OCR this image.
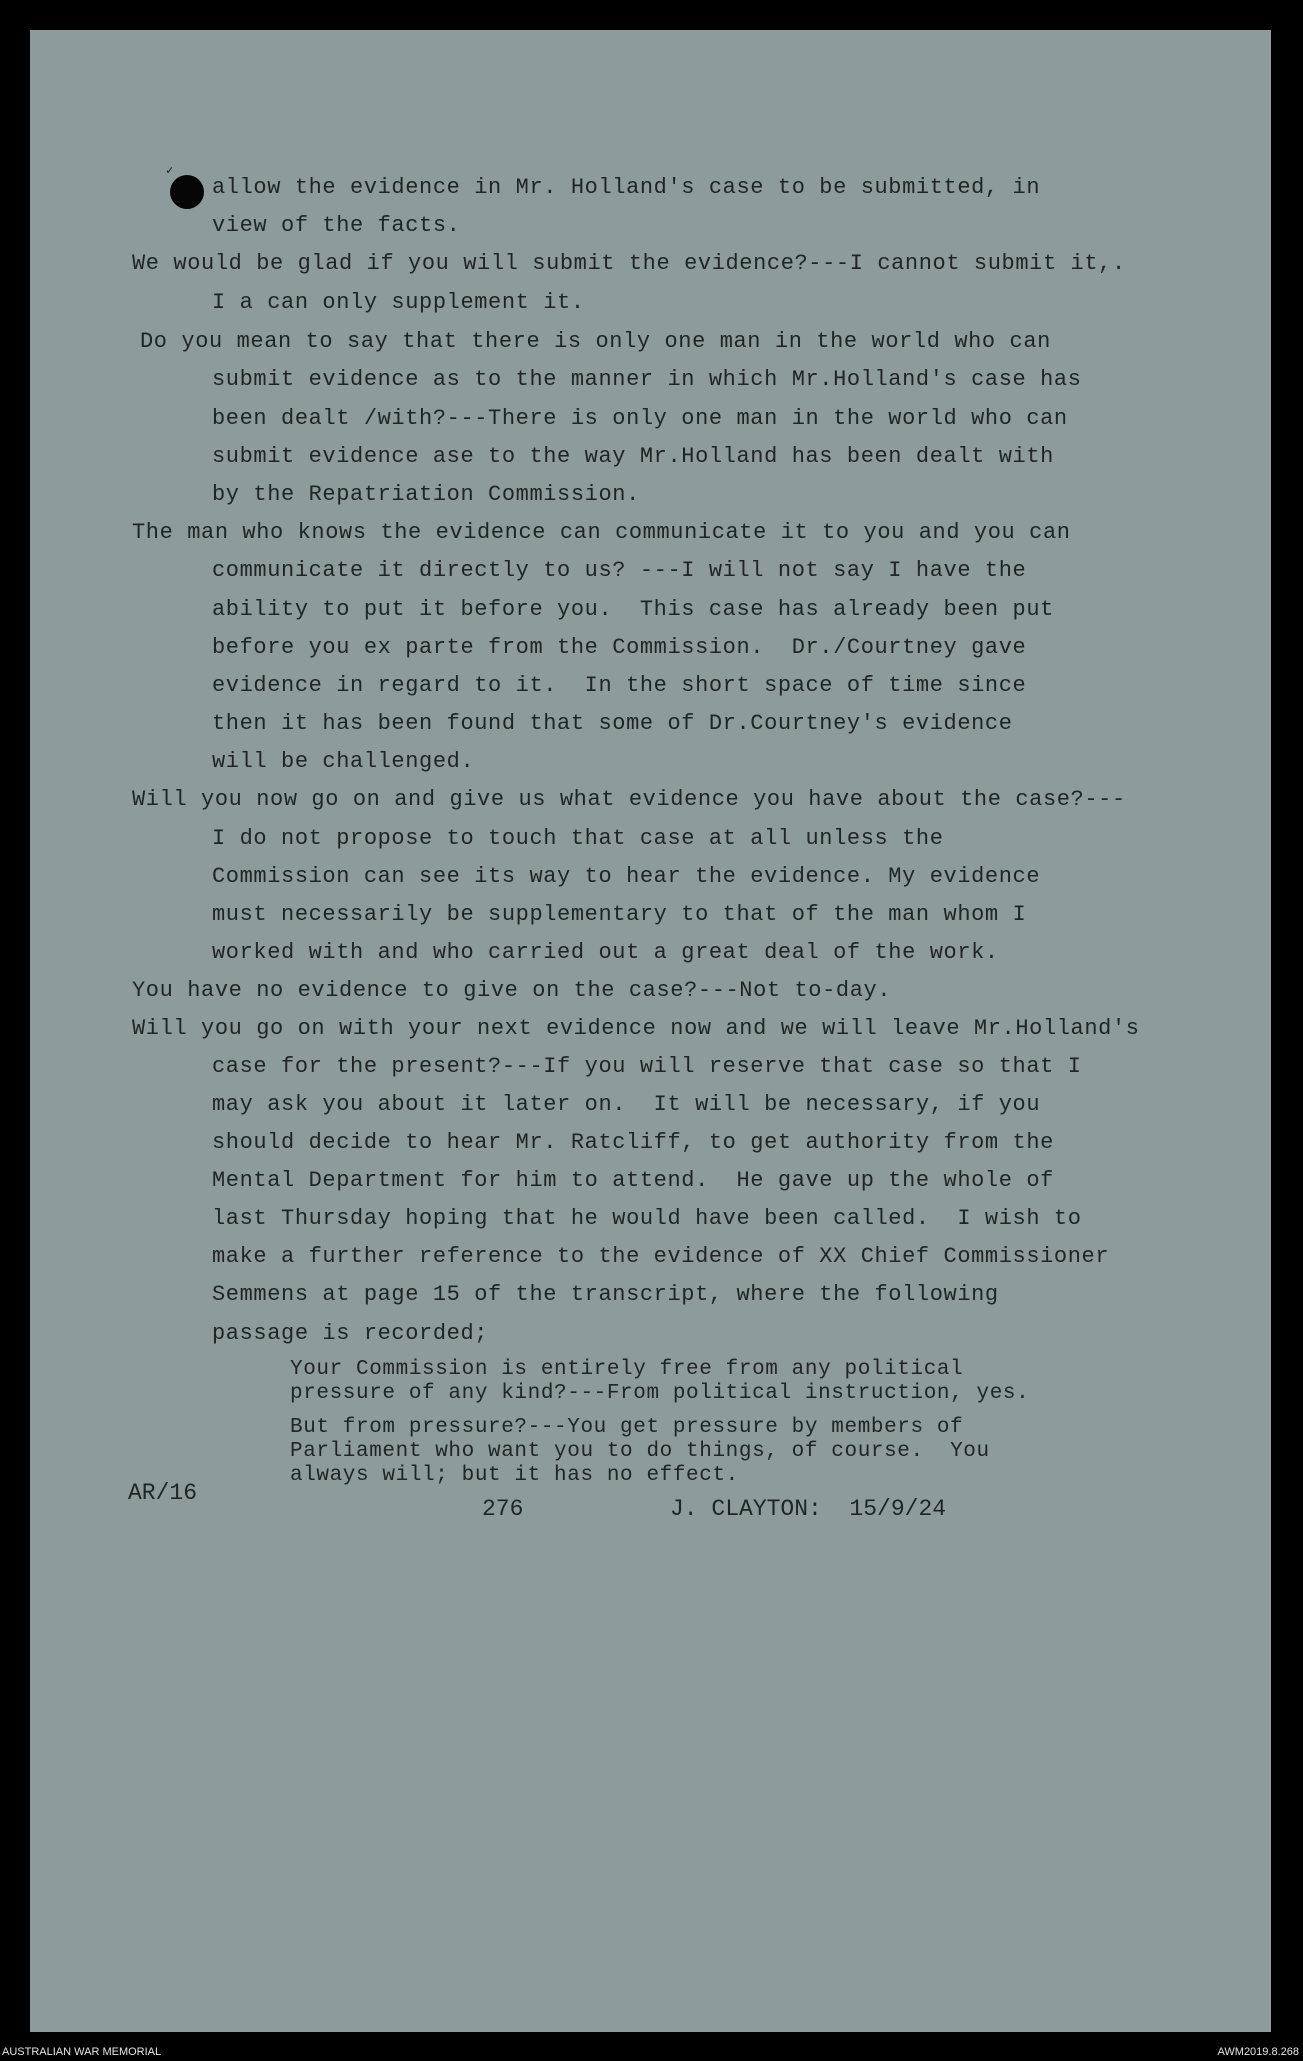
✓
allow the evidence in Mr. Holland's case to be submitted, in
view of the facts.
We would be glad if you will submit the evidence?---I cannot submit it,.
I a can only supplement it.
Do you mean to say that there is only one man in the world who can
submit evidence as to the manner in which Mr.Holland's case has
been dealt /with?---There is only one man in the world who can
submit evidence ase to the way Mr.Holland has been dealt with
by the Repatriation Commission.
The man who knows the evidence can communicate it to you and you can
communicate it directly to us? ---I will not say I have the
ability to put it before you.  This case has already been put
before you ex parte from the Commission.  Dr./Courtney gave
evidence in regard to it.  In the short space of time since
then it has been found that some of Dr.Courtney's evidence
will be challenged.
Will you now go on and give us what evidence you have about the case?---
I do not propose to touch that case at all unless the
Commission can see its way to hear the evidence. My evidence
must necessarily be supplementary to that of the man whom I
worked with and who carried out a great deal of the work.
You have no evidence to give on the case?---Not to-day.
Will you go on with your next evidence now and we will leave Mr.Holland's
case for the present?---If you will reserve that case so that I
may ask you about it later on.  It will be necessary, if you
should decide to hear Mr. Ratcliff, to get authority from the
Mental Department for him to attend.  He gave up the whole of
last Thursday hoping that he would have been called.  I wish to
make a further reference to the evidence of XX Chief Commissioner
Semmens at page 15 of the transcript, where the following
passage is recorded;
Your Commission is entirely free from any political
pressure of any kind?---From political instruction, yes.
But from pressure?---You get pressure by members of
Parliament who want you to do things, of course.  You
always will; but it has no effect.
AR/16
276	J. CLAYTON:  15/9/24
AUSTRALIAN WAR MEMORIAL	AWM2019.8.268
